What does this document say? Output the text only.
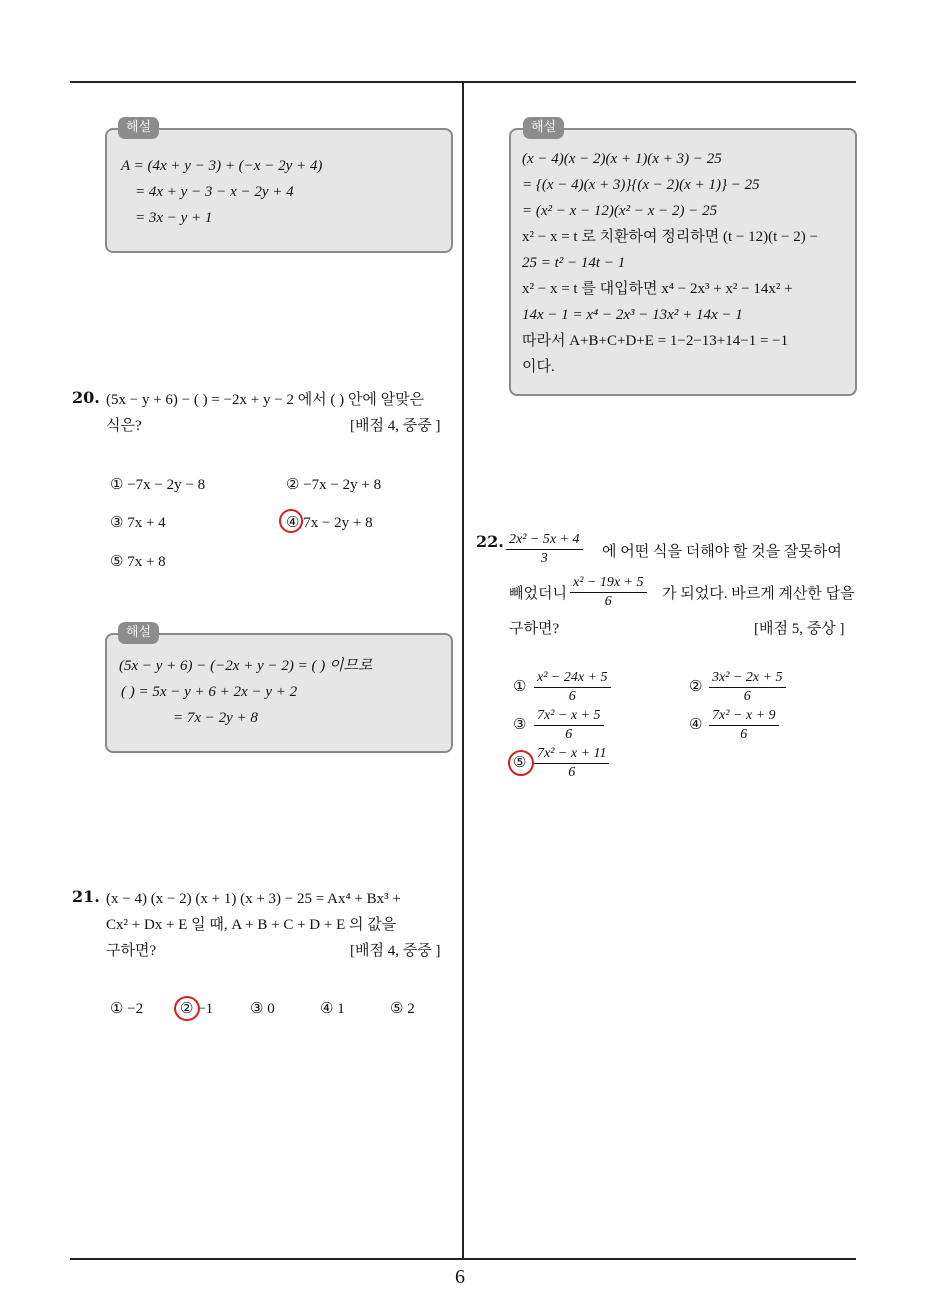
6
해설
A = (4x + y − 3) + (−x − 2y + 4)
= 4x + y − 3 − x − 2y + 4
= 3x − y + 1
20. (5x − y + 6) − ( ) = −2x + y − 2 에서 ( ) 안에 알맞은
식은?	[배점 4, 중중 ]
① −7x − 2y − 8	② −7x − 2y + 8
③ 7x + 4	④ 7x − 2y + 8
⑤ 7x + 8
해설
(5x − y + 6) − (−2x + y − 2) = ( ) 이므로
( ) = 5x − y + 6 + 2x − y + 2
= 7x − 2y + 8
21. (x − 4) (x − 2) (x + 1) (x + 3) − 25 = Ax⁴ + Bx³ +
Cx² + Dx + E 일 때, A + B + C + D + E 의 값을
구하면?	[배점 4, 중중 ]
① −2 ② −1 ③ 0	④ 1	⑤ 2
해설
(x − 4)(x − 2)(x + 1)(x + 3) − 25
= {(x − 4)(x + 3)}{(x − 2)(x + 1)} − 25
= (x² − x − 12)(x² − x − 2) − 25
x² − x = t 로 치환하여 정리하면 (t − 12)(t − 2) −
25 = t² − 14t − 1
x² − x = t 를 대입하면 x⁴ − 2x³ + x² − 14x² +
14x − 1 = x⁴ − 2x³ − 13x² + 14x − 1
따라서 A+B+C+D+E = 1−2−13+14−1 = −1
이다.
22. $\frac{\text{2x² − 5x + 4}}{3}$ 에 어떤 식을 더해야 할 것을 잘못하여
빼었더니 $\frac{\text{x² − 19x + 5}}{6}$ 가 되었다. 바르게 계산한 답을
구하면?	[배점 5, 중상 ]
① $\frac{\text{x² − 24x + 5}}{6}$	② $\frac{\text{3x² − 2x + 5}}{6}$
③ $\frac{\text{7x² − x + 5}}{6}$	④ $\frac{\text{7x² − x + 9}}{6}$
⑤ $\frac{\text{7x² − x + 11}}{6}$
